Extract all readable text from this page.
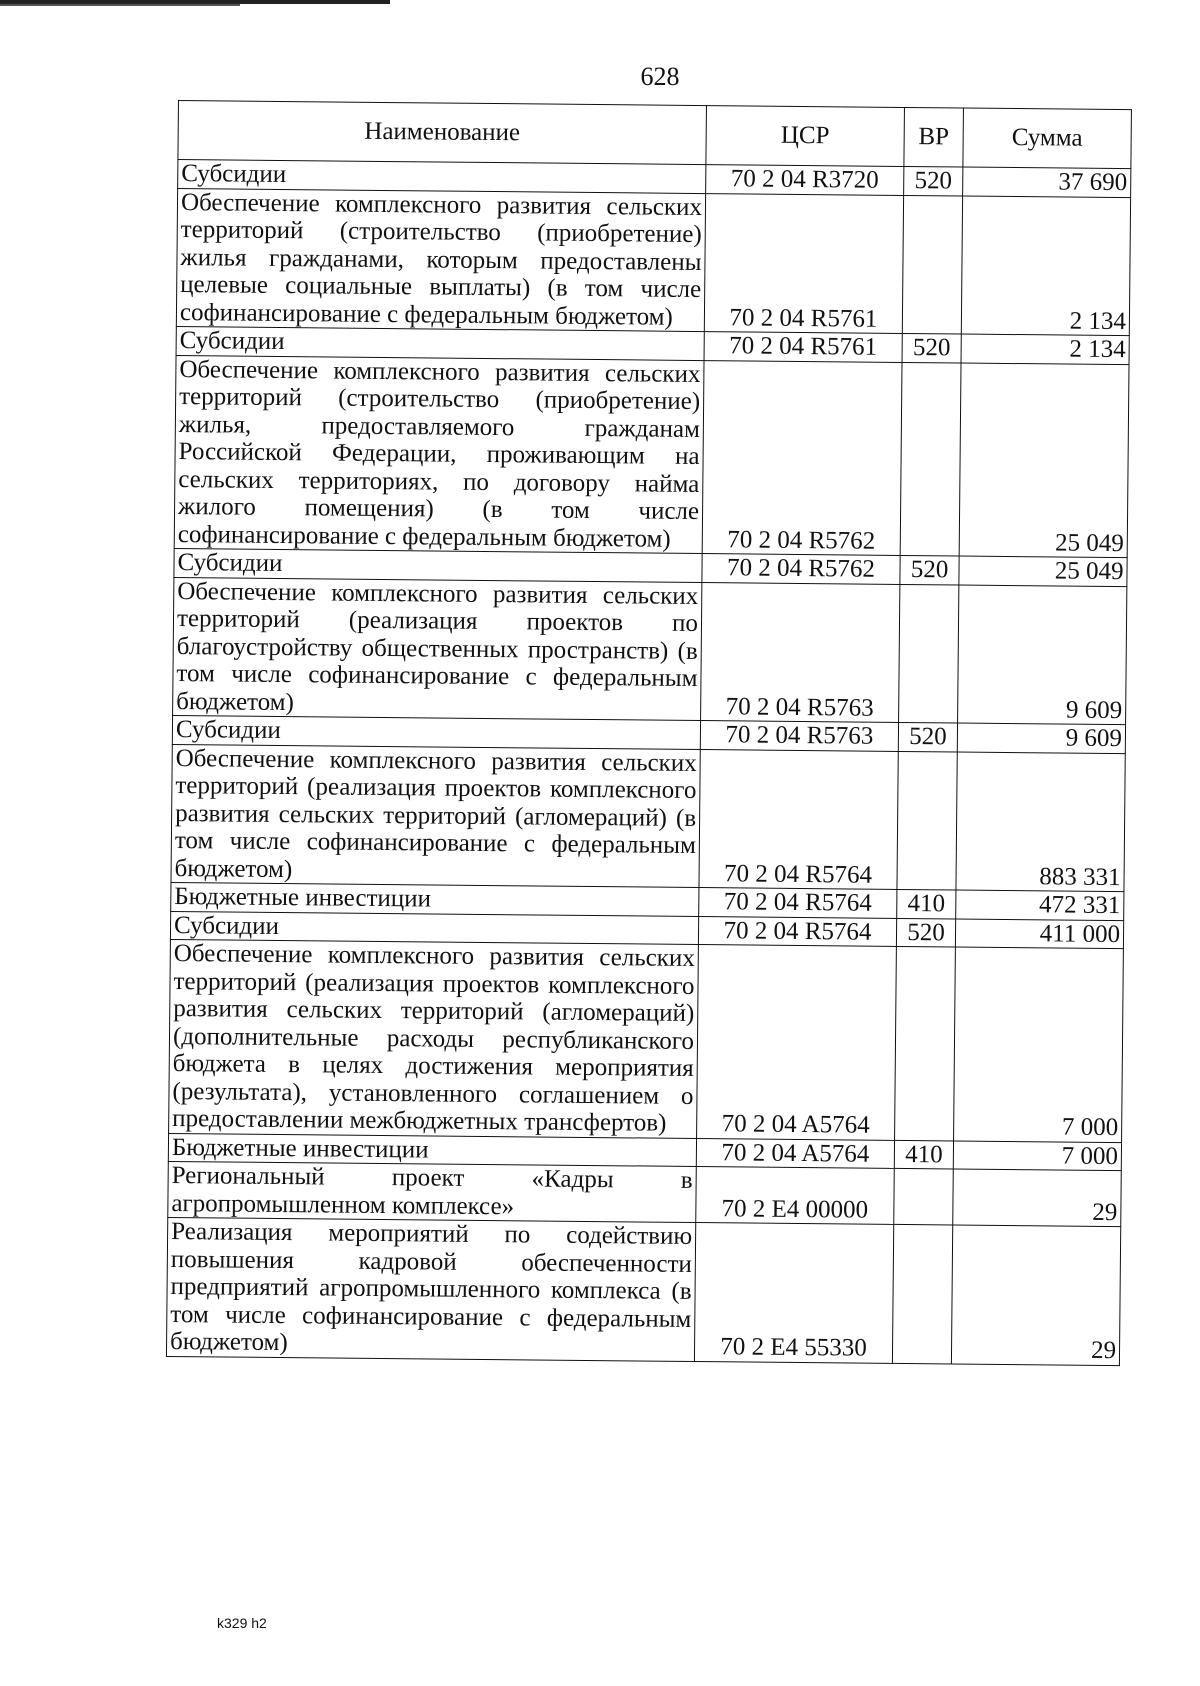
628
Наименование	ЦСР	ВР	Сумма
Субсидии	70 2 04 R3720	520	37 690
Обеспечение комплексного развития сельских территорий (строительство (приобретение) жилья гражданами, которым предоставлены целевые социальные выплаты) (в том числе софинансирование с федеральным бюджетом)	70 2 04 R5761		2 134
Субсидии	70 2 04 R5761	520	2 134
Обеспечение комплексного развития сельских территорий (строительство (приобретение) жилья, предоставляемого гражданам Российской Федерации, проживающим на сельских территориях, по договору найма жилого помещения) (в том числе софинансирование с федеральным бюджетом)	70 2 04 R5762		25 049
Субсидии	70 2 04 R5762	520	25 049
Обеспечение комплексного развития сельских территорий (реализация проектов по благоустройству общественных пространств) (в том числе софинансирование с федеральным бюджетом)	70 2 04 R5763		9 609
Субсидии	70 2 04 R5763	520	9 609
Обеспечение комплексного развития сельских территорий (реализация проектов комплексного развития сельских территорий (агломераций) (в том числе софинансирование с федеральным бюджетом)	70 2 04 R5764		883 331
Бюджетные инвестиции	70 2 04 R5764	410	472 331
Субсидии	70 2 04 R5764	520	411 000
Обеспечение комплексного развития сельских территорий (реализация проектов комплексного развития сельских территорий (агломераций) (дополнительные расходы республиканского бюджета в целях достижения мероприятия (результата), установленного соглашением о предоставлении межбюджетных трансфертов)	70 2 04 A5764		7 000
Бюджетные инвестиции	70 2 04 A5764	410	7 000
Региональный проект «Кадры в агропромышленном комплексе»	70 2 E4 00000		29
Реализация мероприятий по содействию повышения кадровой обеспеченности предприятий агропромышленного комплекса (в том числе софинансирование с федеральным бюджетом)	70 2 E4 55330		29
k329 h2
